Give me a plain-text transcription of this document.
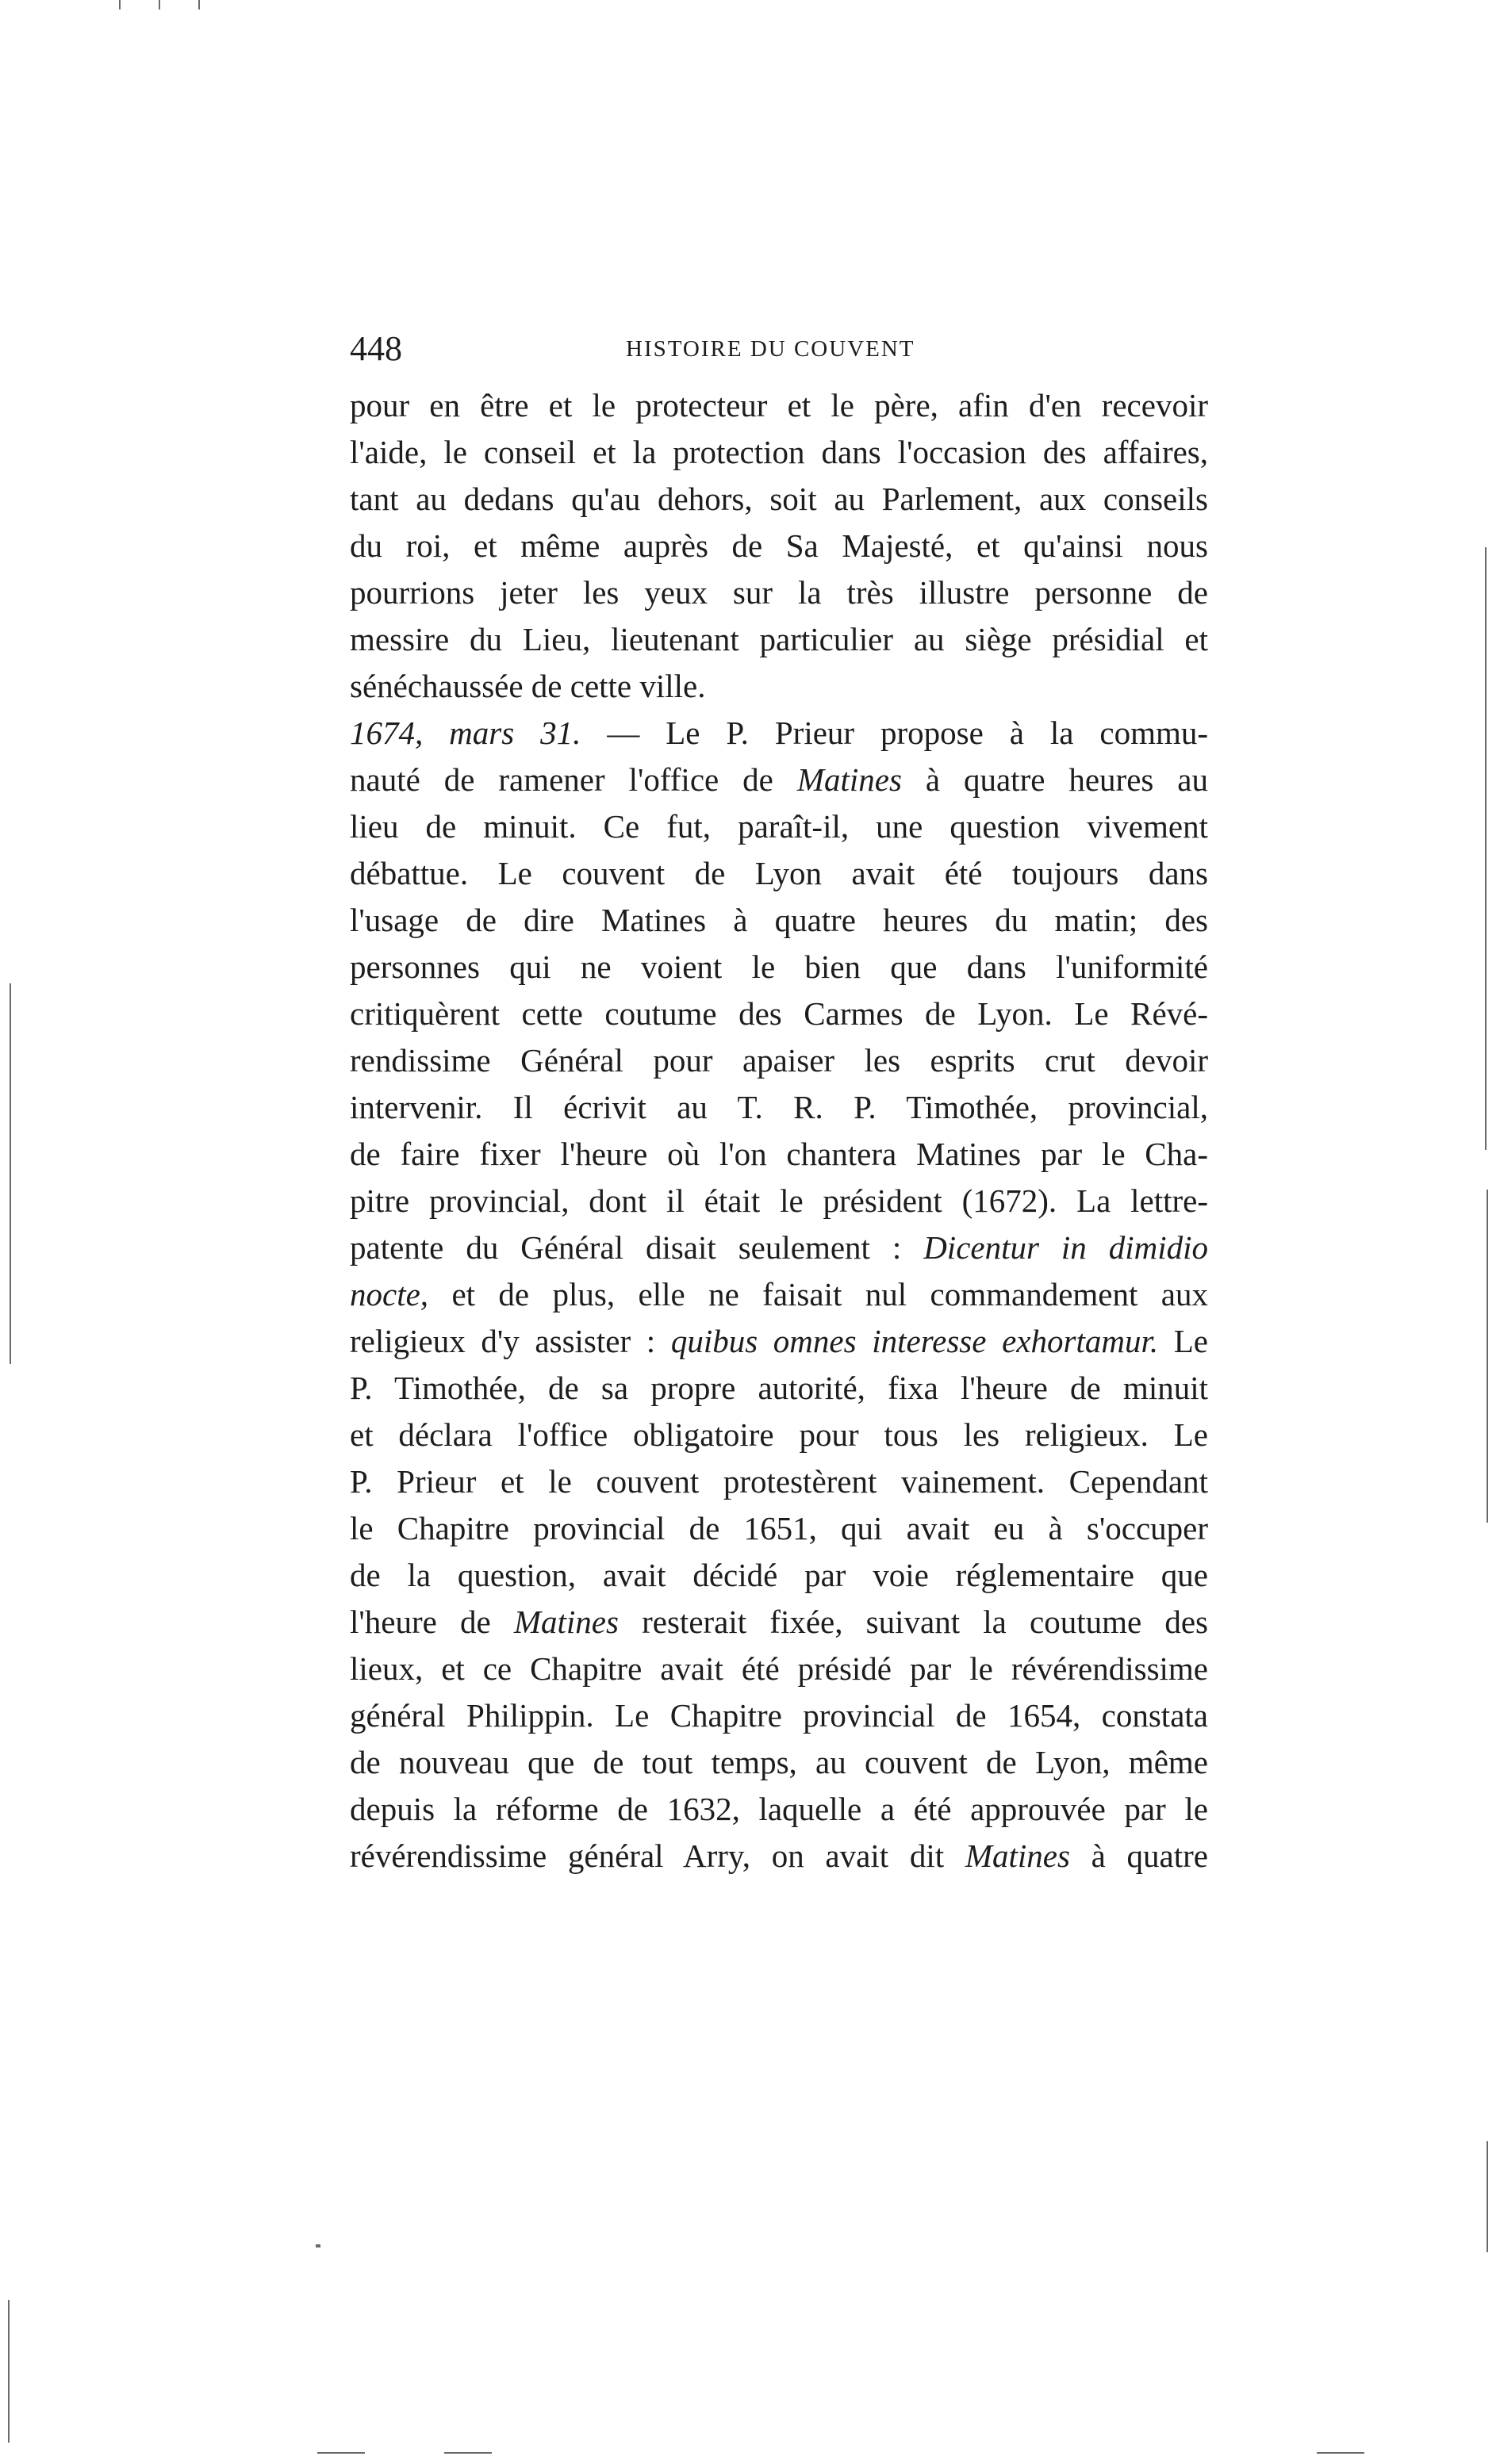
448	HISTOIRE DU COUVENT
pour en être et le protecteur et le père, afin d'en recevoir
l'aide, le conseil et la protection dans l'occasion des affaires,
tant au dedans qu'au dehors, soit au Parlement, aux conseils
du roi, et même auprès de Sa Majesté, et qu'ainsi nous
pourrions jeter les yeux sur la très illustre personne de
messire du Lieu, lieutenant particulier au siège présidial et
sénéchaussée de cette ville.
1674, mars 31. — Le P. Prieur propose à la commu-
nauté de ramener l'office de Matines à quatre heures au
lieu de minuit. Ce fut, paraît-il, une question vivement
débattue. Le couvent de Lyon avait été toujours dans
l'usage de dire Matines à quatre heures du matin; des
personnes qui ne voient le bien que dans l'uniformité
critiquèrent cette coutume des Carmes de Lyon. Le Révé-
rendissime Général pour apaiser les esprits crut devoir
intervenir. Il écrivit au T. R. P. Timothée, provincial,
de faire fixer l'heure où l'on chantera Matines par le Cha-
pitre provincial, dont il était le président (1672). La lettre-
patente du Général disait seulement : Dicentur in dimidio
nocte, et de plus, elle ne faisait nul commandement aux
religieux d'y assister : quibus omnes interesse exhortamur. Le
P. Timothée, de sa propre autorité, fixa l'heure de minuit
et déclara l'office obligatoire pour tous les religieux. Le
P. Prieur et le couvent protestèrent vainement. Cependant
le Chapitre provincial de 1651, qui avait eu à s'occuper
de la question, avait décidé par voie réglementaire que
l'heure de Matines resterait fixée, suivant la coutume des
lieux, et ce Chapitre avait été présidé par le révérendissime
général Philippin. Le Chapitre provincial de 1654, constata
de nouveau que de tout temps, au couvent de Lyon, même
depuis la réforme de 1632, laquelle a été approuvée par le
révérendissime général Arry, on avait dit Matines à quatre
